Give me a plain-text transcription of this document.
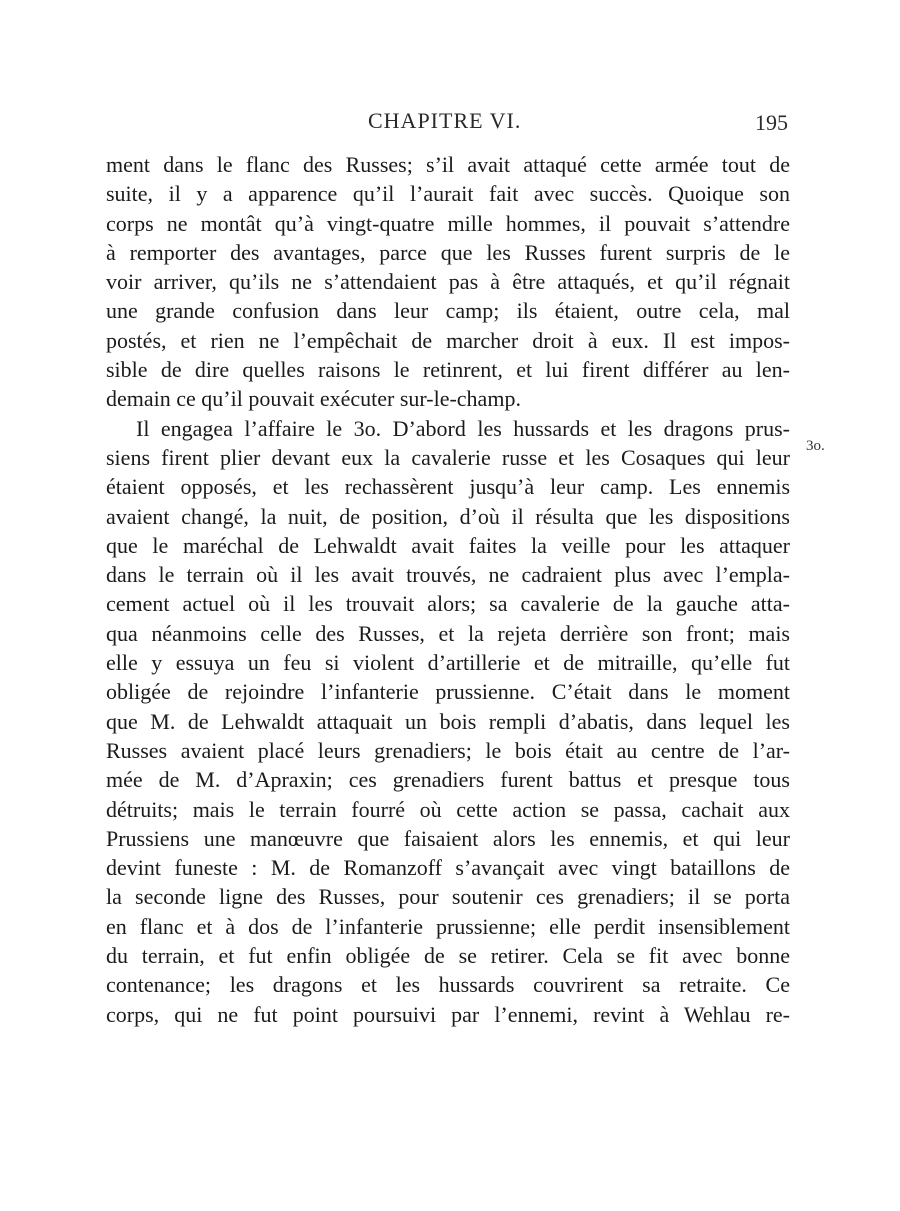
CHAPITRE VI.	195
ment dans le flanc des Russes; s’il avait attaqué cette armée tout de
suite, il y a apparence qu’il l’aurait fait avec succès. Quoique son
corps ne montât qu’à vingt-quatre mille hommes, il pouvait s’attendre
à remporter des avantages, parce que les Russes furent surpris de le
voir arriver, qu’ils ne s’attendaient pas à être attaqués, et qu’il régnait
une grande confusion dans leur camp; ils étaient, outre cela, mal
postés, et rien ne l’empêchait de marcher droit à eux. Il est impos-
sible de dire quelles raisons le retinrent, et lui firent différer au len-
demain ce qu’il pouvait exécuter sur-le-champ.
Il engagea l’affaire le 3o. D’abord les hussards et les dragons prus-
siens firent plier devant eux la cavalerie russe et les Cosaques qui leur
étaient opposés, et les rechassèrent jusqu’à leur camp. Les ennemis
avaient changé, la nuit, de position, d’où il résulta que les dispositions
que le maréchal de Lehwaldt avait faites la veille pour les attaquer
dans le terrain où il les avait trouvés, ne cadraient plus avec l’empla-
cement actuel où il les trouvait alors; sa cavalerie de la gauche atta-
qua néanmoins celle des Russes, et la rejeta derrière son front; mais
elle y essuya un feu si violent d’artillerie et de mitraille, qu’elle fut
obligée de rejoindre l’infanterie prussienne. C’était dans le moment
que M. de Lehwaldt attaquait un bois rempli d’abatis, dans lequel les
Russes avaient placé leurs grenadiers; le bois était au centre de l’ar-
mée de M. d’Apraxin; ces grenadiers furent battus et presque tous
détruits; mais le terrain fourré où cette action se passa, cachait aux
Prussiens une manœuvre que faisaient alors les ennemis, et qui leur
devint funeste : M. de Romanzoff s’avançait avec vingt bataillons de
la seconde ligne des Russes, pour soutenir ces grenadiers; il se porta
en flanc et à dos de l’infanterie prussienne; elle perdit insensiblement
du terrain, et fut enfin obligée de se retirer. Cela se fit avec bonne
contenance; les dragons et les hussards couvrirent sa retraite. Ce
corps, qui ne fut point poursuivi par l’ennemi, revint à Wehlau re-
3o.
